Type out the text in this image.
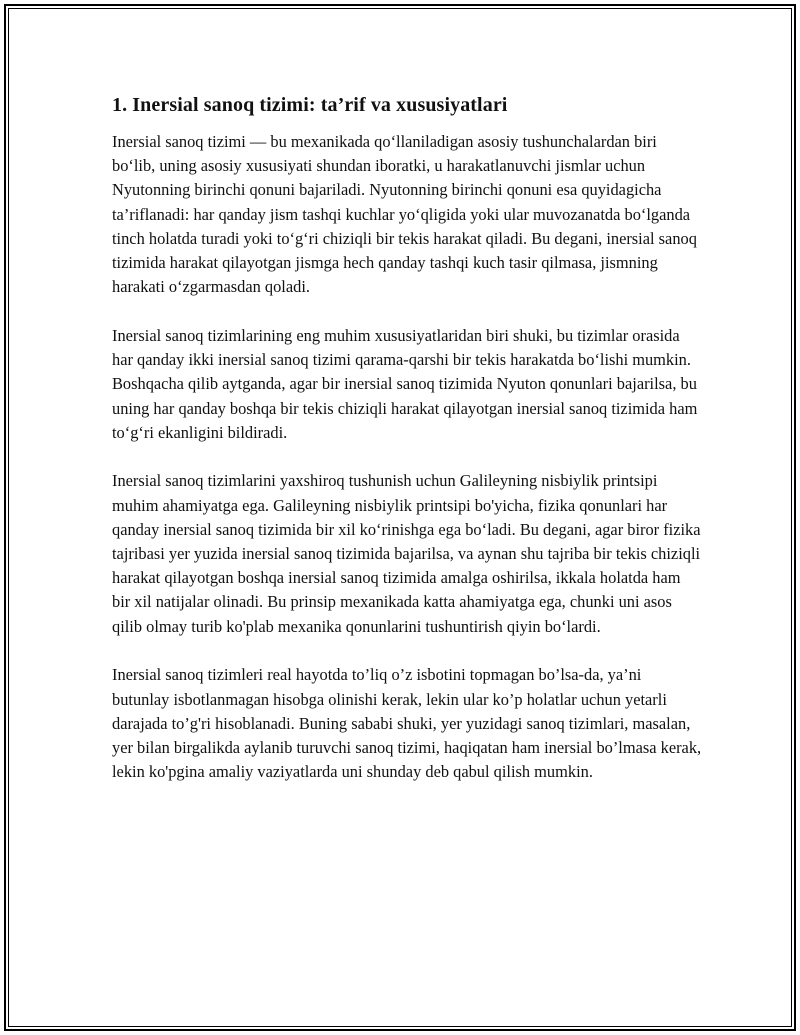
1. Inersial sanoq tizimi: ta’rif va xususiyatlari

Inersial sanoq tizimi — bu mexanikada qo‘llaniladigan asosiy tushunchalardan biri bo‘lib, uning asosiy xususiyati shundan iboratki, u harakatlanuvchi jismlar uchun Nyutonning birinchi qonuni bajariladi. Nyutonning birinchi qonuni esa quyidagicha ta’riflanadi: har qanday jism tashqi kuchlar yo‘qligida yoki ular muvozanatda bo‘lganda tinch holatda turadi yoki to‘g‘ri chiziqli bir tekis harakat qiladi. Bu degani, inersial sanoq tizimida harakat qilayotgan jismga hech qanday tashqi kuch tasir qilmasa, jismning harakati o‘zgarmasdan qoladi.

Inersial sanoq tizimlarining eng muhim xususiyatlaridan biri shuki, bu tizimlar orasida har qanday ikki inersial sanoq tizimi qarama-qarshi bir tekis harakatda bo‘lishi mumkin. Boshqacha qilib aytganda, agar bir inersial sanoq tizimida Nyuton qonunlari bajarilsa, bu uning har qanday boshqa bir tekis chiziqli harakat qilayotgan inersial sanoq tizimida ham to‘g‘ri ekanligini bildiradi.

Inersial sanoq tizimlarini yaxshiroq tushunish uchun Galileyning nisbiylik printsipi muhim ahamiyatga ega. Galileyning nisbiylik printsipi bo'yicha, fizika qonunlari har qanday inersial sanoq tizimida bir xil ko‘rinishga ega bo‘ladi. Bu degani, agar biror fizika tajribasi yer yuzida inersial sanoq tizimida bajarilsa, va aynan shu tajriba bir tekis chiziqli harakat qilayotgan boshqa inersial sanoq tizimida amalga oshirilsa, ikkala holatda ham bir xil natijalar olinadi. Bu prinsip mexanikada katta ahamiyatga ega, chunki uni asos qilib olmay turib ko'plab mexanika qonunlarini tushuntirish qiyin bo‘lardi.

Inersial sanoq tizimleri real hayotda to’liq o’z isbotini topmagan bo’lsa-da, ya’ni butunlay isbotlanmagan hisobga olinishi kerak, lekin ular ko’p holatlar uchun yetarli darajada to’g'ri hisoblanadi. Buning sababi shuki, yer yuzidagi sanoq tizimlari, masalan, yer bilan birgalikda aylanib turuvchi sanoq tizimi, haqiqatan ham inersial bo’lmasa kerak, lekin ko'pgina amaliy vaziyatlarda uni shunday deb qabul qilish mumkin.
